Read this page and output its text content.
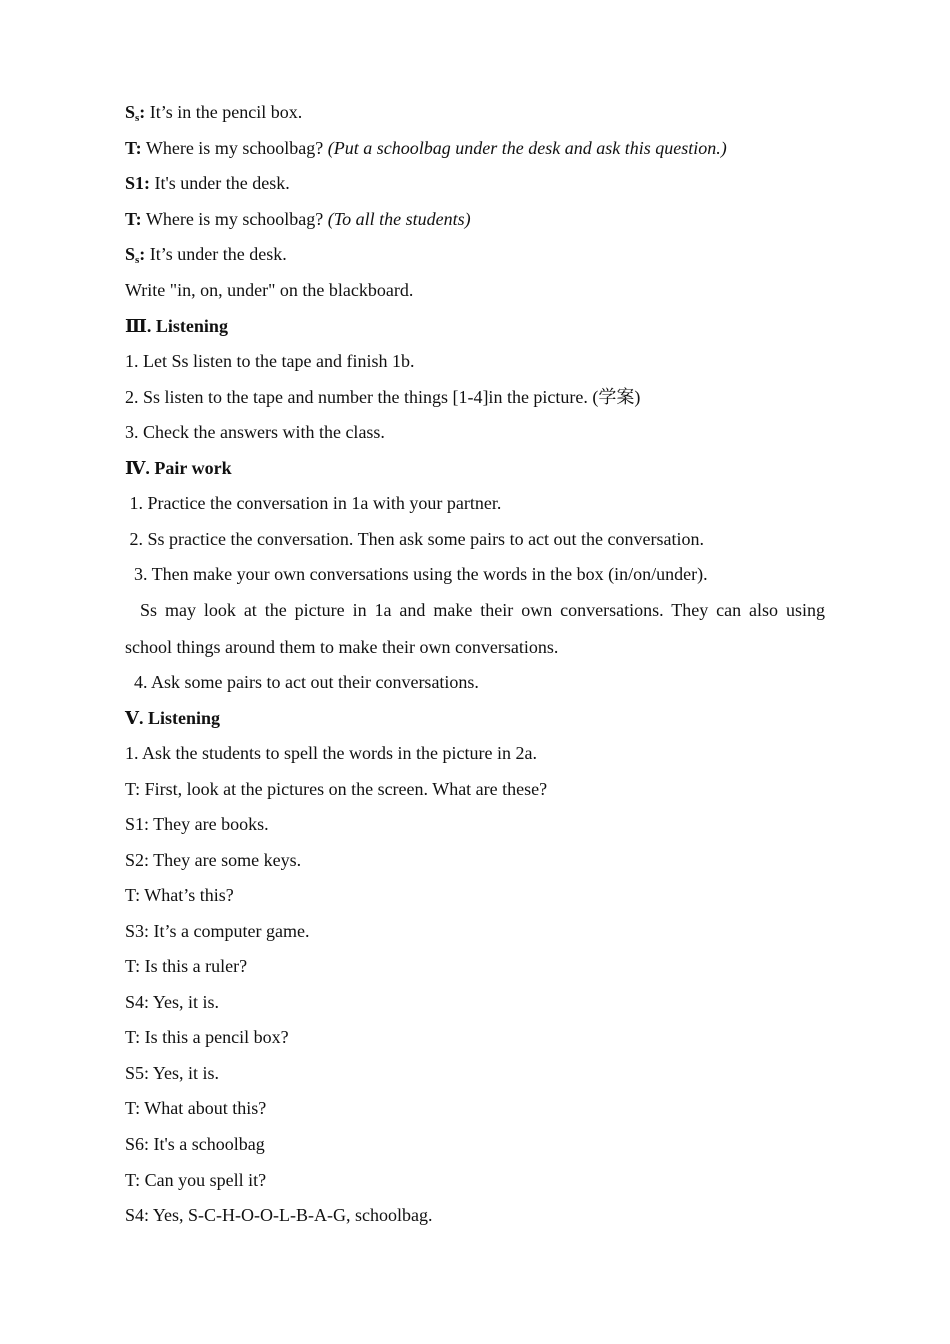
$S_s$: It’s in the pencil box.
T: Where is my schoolbag? (Put a schoolbag under the desk and ask this question.)
S1: It's under the desk.
T: Where is my schoolbag? (To all the students)
$S_s$: It’s under the desk.
Write "in, on, under" on the blackboard.
Ⅲ. Listening
1. Let Ss listen to the tape and finish 1b.
2. Ss listen to the tape and number the things [1-4]in the picture. (学案)
3. Check the answers with the class.
Ⅳ. Pair work
1. Practice the conversation in 1a with your partner.
2. Ss practice the conversation. Then ask some pairs to act out the conversation.
3. Then make your own conversations using the words in the box (in/on/under).
Ss may look at the picture in 1a and make their own conversations. They can also using
school things around them to make their own conversations.
4. Ask some pairs to act out their conversations.
Ⅴ. Listening
1. Ask the students to spell the words in the picture in 2a.
T: First, look at the pictures on the screen. What are these?
S1: They are books.
S2: They are some keys.
T: What’s this?
S3: It’s a computer game.
T: Is this a ruler?
S4: Yes, it is.
T: Is this a pencil box?
S5: Yes, it is.
T: What about this?
S6: It's a schoolbag
T: Can you spell it?
S4: Yes, S-C-H-O-O-L-B-A-G, schoolbag.
